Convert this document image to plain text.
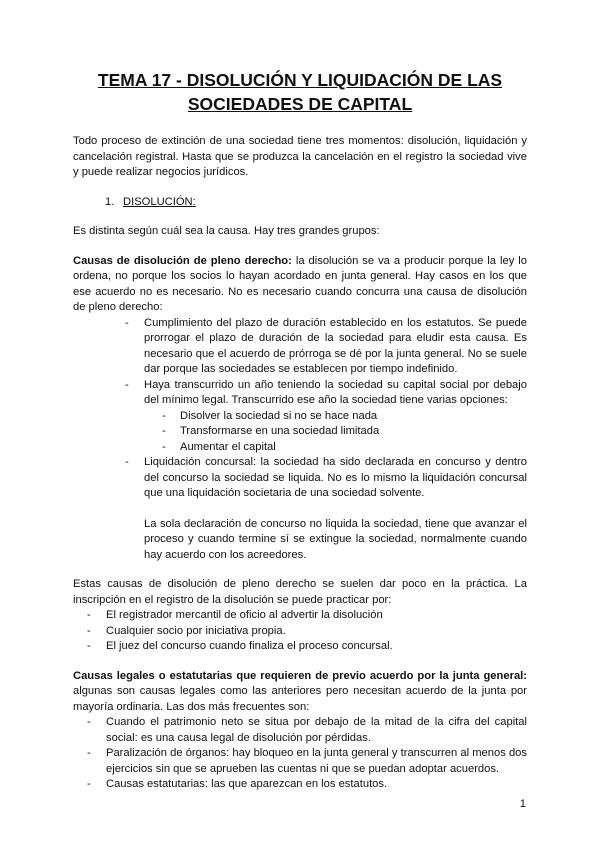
TEMA 17 - DISOLUCIÓN Y LIQUIDACIÓN DE LAS
SOCIEDADES DE CAPITAL

Todo proceso de extinción de una sociedad tiene tres momentos: disolución, liquidación y cancelación registral. Hasta que se produzca la cancelación en el registro la sociedad vive y puede realizar negocios jurídicos.

1. DISOLUCIÓN:

Es distinta según cuál sea la causa. Hay tres grandes grupos:

Causas de disolución de pleno derecho: la disolución se va a producir porque la ley lo ordena, no porque los socios lo hayan acordado en junta general. Hay casos en los que ese acuerdo no es necesario. No es necesario cuando concurra una causa de disolución de pleno derecho:

-	Cumplimiento del plazo de duración establecido en los estatutos. Se puede prorrogar el plazo de duración de la sociedad para eludir esta causa. Es necesario que el acuerdo de prórroga se dé por la junta general. No se suele dar porque las sociedades se establecen por tiempo indefinido.
-	Haya transcurrido un año teniendo la sociedad su capital social por debajo del mínimo legal. Transcurrido ese año la sociedad tiene varias opciones:
-	Disolver la sociedad si no se hace nada
-	Transformarse en una sociedad limitada
-	Aumentar el capital
-	Liquidación concursal: la sociedad ha sido declarada en concurso y dentro del concurso la sociedad se liquida. No es lo mismo la liquidación concursal que una liquidación societaria de una sociedad solvente.

La sola declaración de concurso no liquida la sociedad, tiene que avanzar el proceso y cuando termine sí se extingue la sociedad, normalmente cuando hay acuerdo con los acreedores.

Estas causas de disolución de pleno derecho se suelen dar poco en la práctica. La inscripción en el registro de la disolución se puede practicar por:

-	El registrador mercantil de oficio al advertir la disolución
-	Cualquier socio por iniciativa propia.
-	El juez del concurso cuando finaliza el proceso concursal.

Causas legales o estatutarias que requieren de previo acuerdo por la junta general: algunas son causas legales como las anteriores pero necesitan acuerdo de la junta por mayoría ordinaria. Las dos más frecuentes son:

-	Cuando el patrimonio neto se situa por debajo de la mitad de la cifra del capital social: es una causa legal de disolución por pérdidas.
-	Paralización de órganos: hay bloqueo en la junta general y transcurren al menos dos ejercicios sin que se aprueben las cuentas ni que se puedan adoptar acuerdos.
-	Causas estatutarias: las que aparezcan en los estatutos.
1
